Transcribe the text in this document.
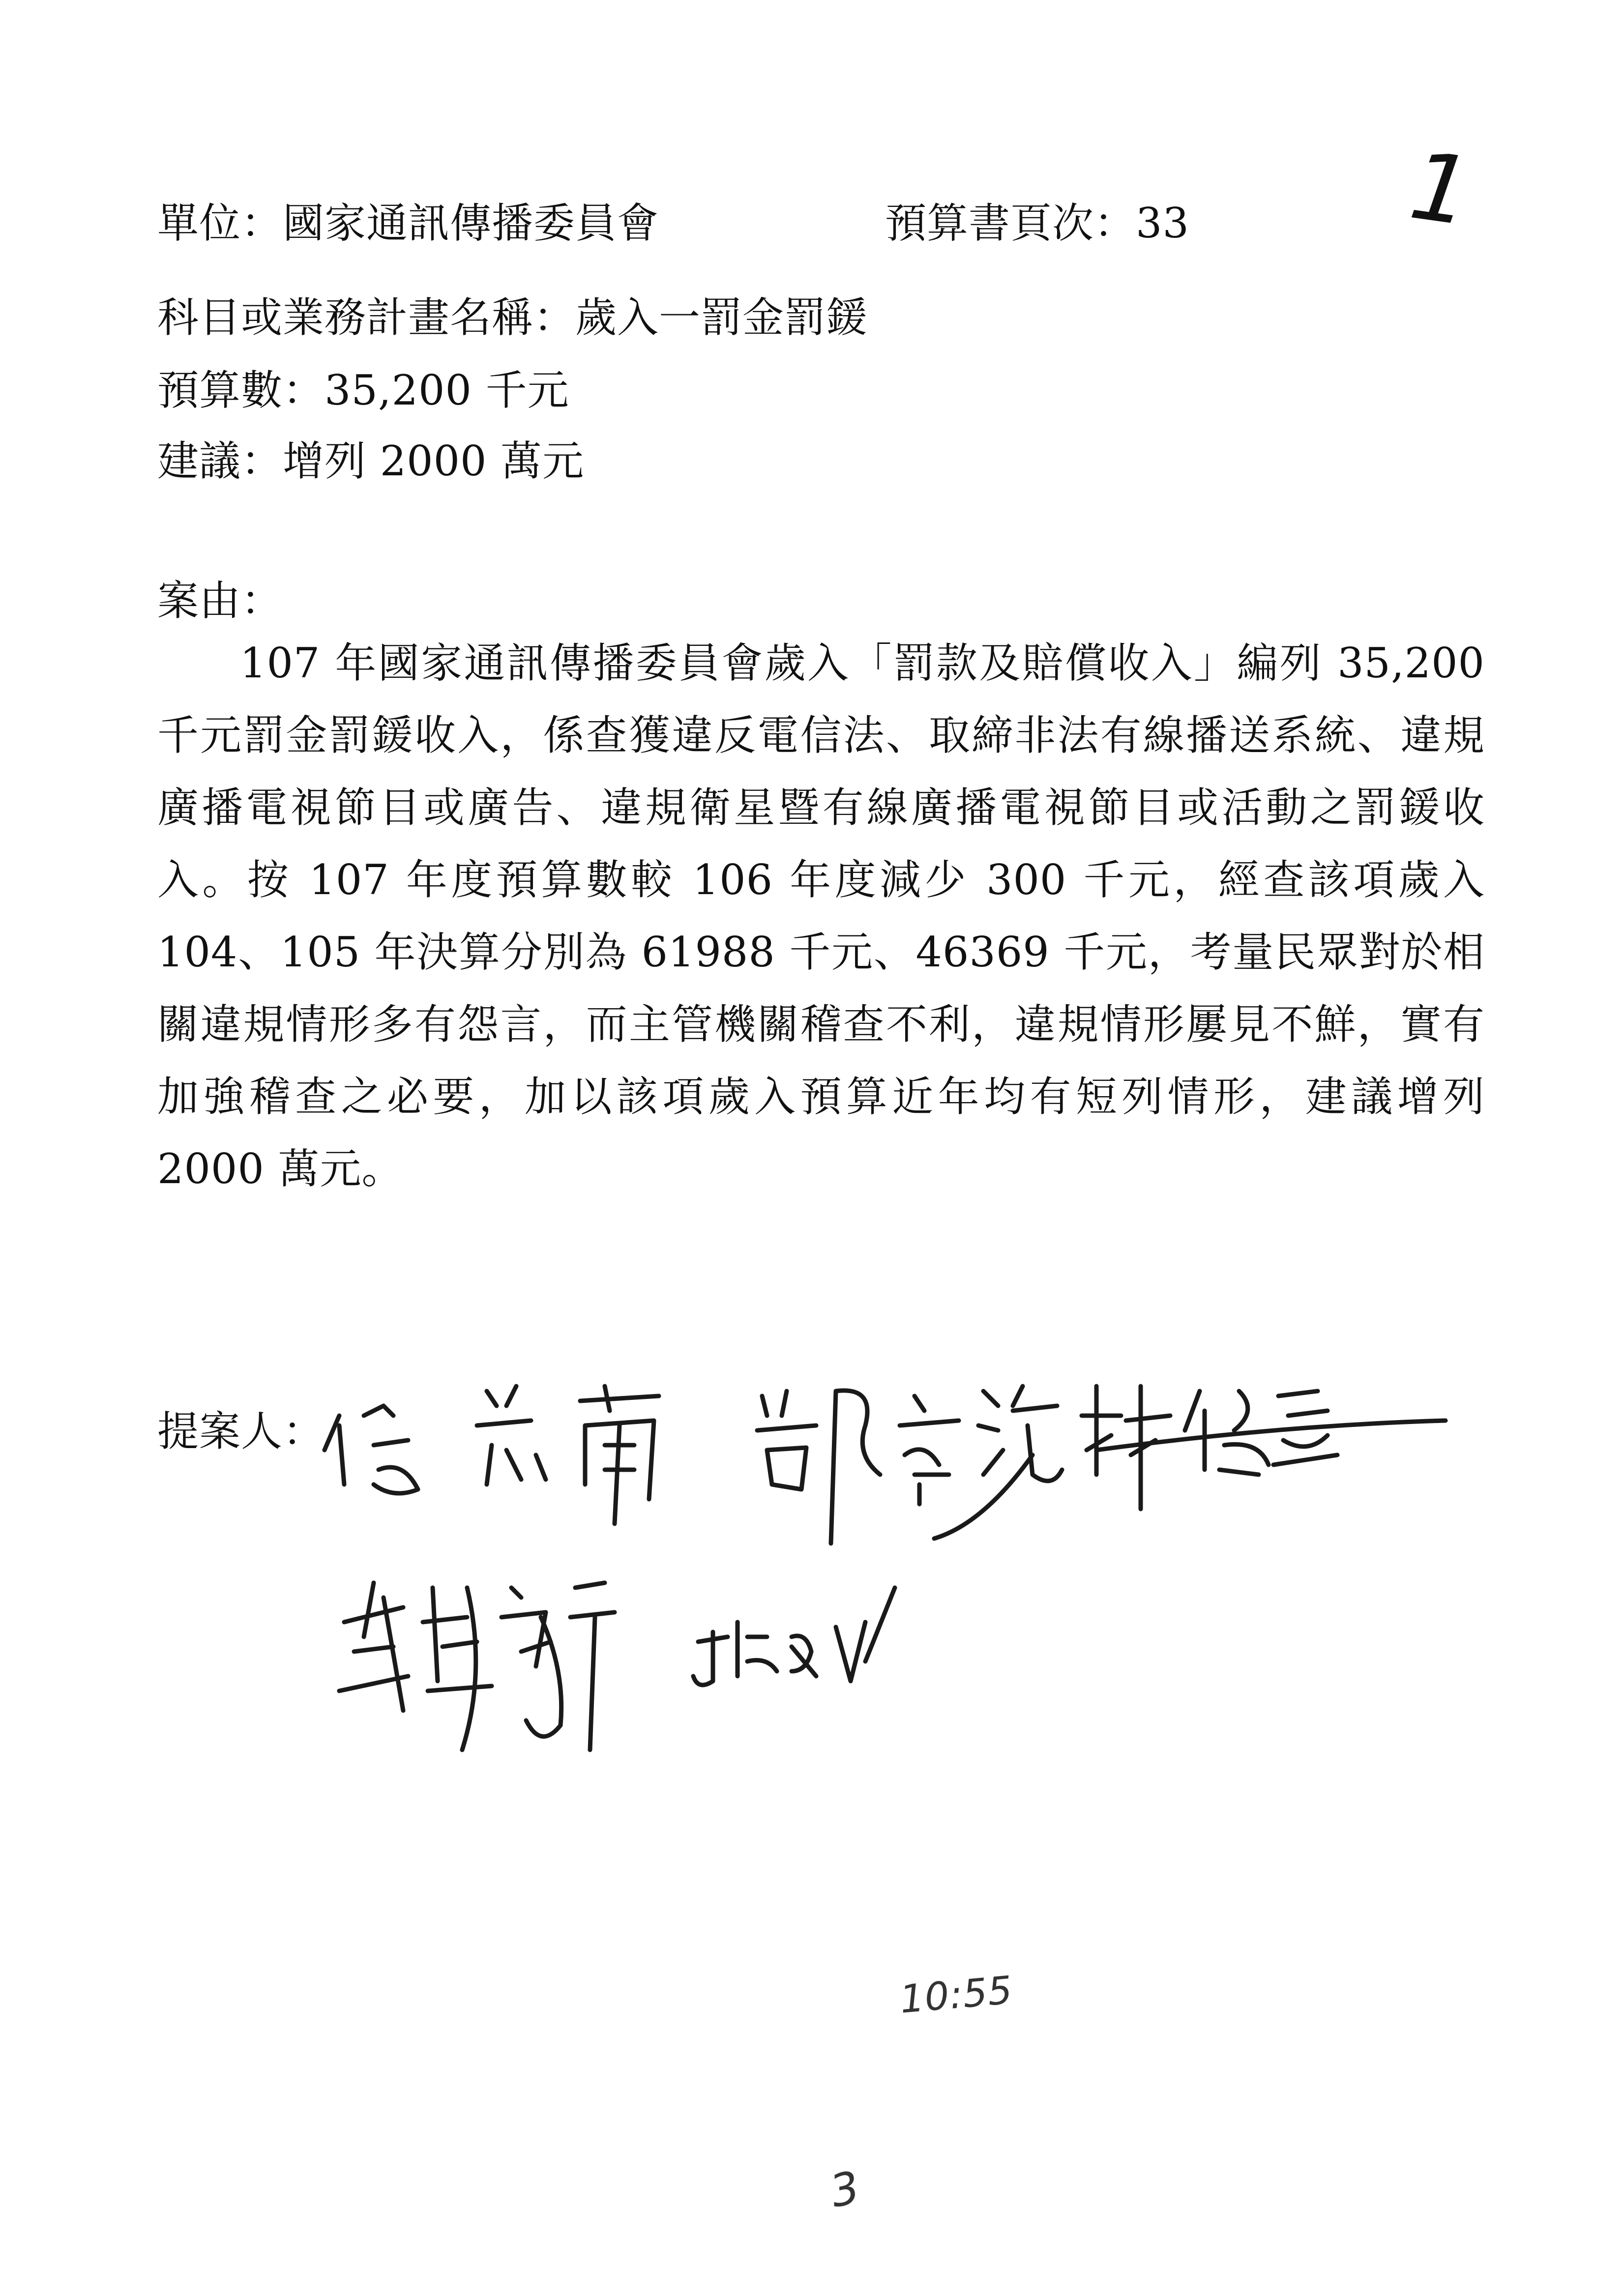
單位：國家通訊傳播委員會	預算書頁次：33 1
科目或業務計畫名稱：歲入一罰金罰鍰
預算數：35,200 千元
建議：增列 2000 萬元
案由：
107 年國家通訊傳播委員會歲入「罰款及賠償收入」編列 35,200 千元罰金罰鍰收入，係查獲違反電信法、取締非法有線播送系統、違規廣播電視節目或廣告、違規衛星暨有線廣播電視節目或活動之罰鍰收入。按 107 年度預算數較 106 年度減少 300 千元，經查該項歲入 104、105 年決算分別為 61988 千元、46369 千元，考量民眾對於相關違規情形多有怨言，而主管機關稽查不利，違規情形屢見不鮮，實有加強稽查之必要，加以該項歲入預算近年均有短列情形，建議增列 2000 萬元。
提案人：
10:55
3
